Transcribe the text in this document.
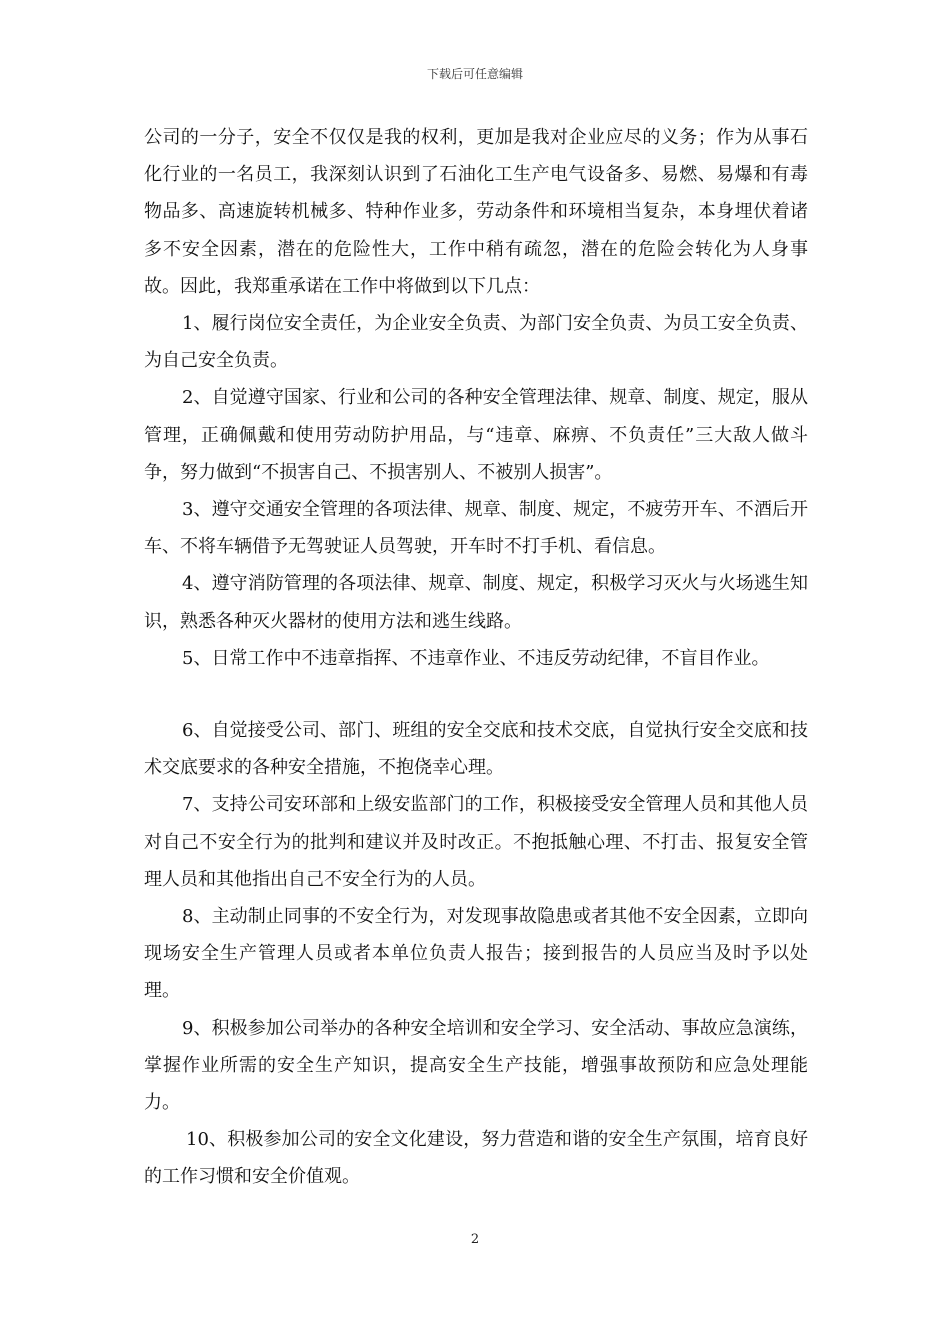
下载后可任意编辑

公司的一分子，安全不仅仅是我的权利，更加是我对企业应尽的义务；作为从事石化行业的一名员工，我深刻认识到了石油化工生产电气设备多、易燃、易爆和有毒物品多、高速旋转机械多、特种作业多，劳动条件和环境相当复杂，本身埋伏着诸多不安全因素，潜在的危险性大，工作中稍有疏忽，潜在的危险会转化为人身事故。因此，我郑重承诺在工作中将做到以下几点：

1、履行岗位安全责任，为企业安全负责、为部门安全负责、为员工安全负责、为自己安全负责。

2、自觉遵守国家、行业和公司的各种安全管理法律、规章、制度、规定，服从管理，正确佩戴和使用劳动防护用品，与“违章、麻痹、不负责任”三大敌人做斗争，努力做到“不损害自己、不损害别人、不被别人损害”。

3、遵守交通安全管理的各项法律、规章、制度、规定，不疲劳开车、不酒后开车、不将车辆借予无驾驶证人员驾驶，开车时不打手机、看信息。

4、遵守消防管理的各项法律、规章、制度、规定，积极学习灭火与火场逃生知识，熟悉各种灭火器材的使用方法和逃生线路。

5、日常工作中不违章指挥、不违章作业、不违反劳动纪律，不盲目作业。

6、自觉接受公司、部门、班组的安全交底和技术交底，自觉执行安全交底和技术交底要求的各种安全措施，不抱侥幸心理。

7、支持公司安环部和上级安监部门的工作，积极接受安全管理人员和其他人员对自己不安全行为的批判和建议并及时改正。不抱抵触心理、不打击、报复安全管理人员和其他指出自己不安全行为的人员。

8、主动制止同事的不安全行为，对发现事故隐患或者其他不安全因素，立即向现场安全生产管理人员或者本单位负责人报告；接到报告的人员应当及时予以处理。

9、积极参加公司举办的各种安全培训和安全学习、安全活动、事故应急演练，掌握作业所需的安全生产知识，提高安全生产技能，增强事故预防和应急处理能力。

10、积极参加公司的安全文化建设，努力营造和谐的安全生产氛围，培育良好的工作习惯和安全价值观。

2
